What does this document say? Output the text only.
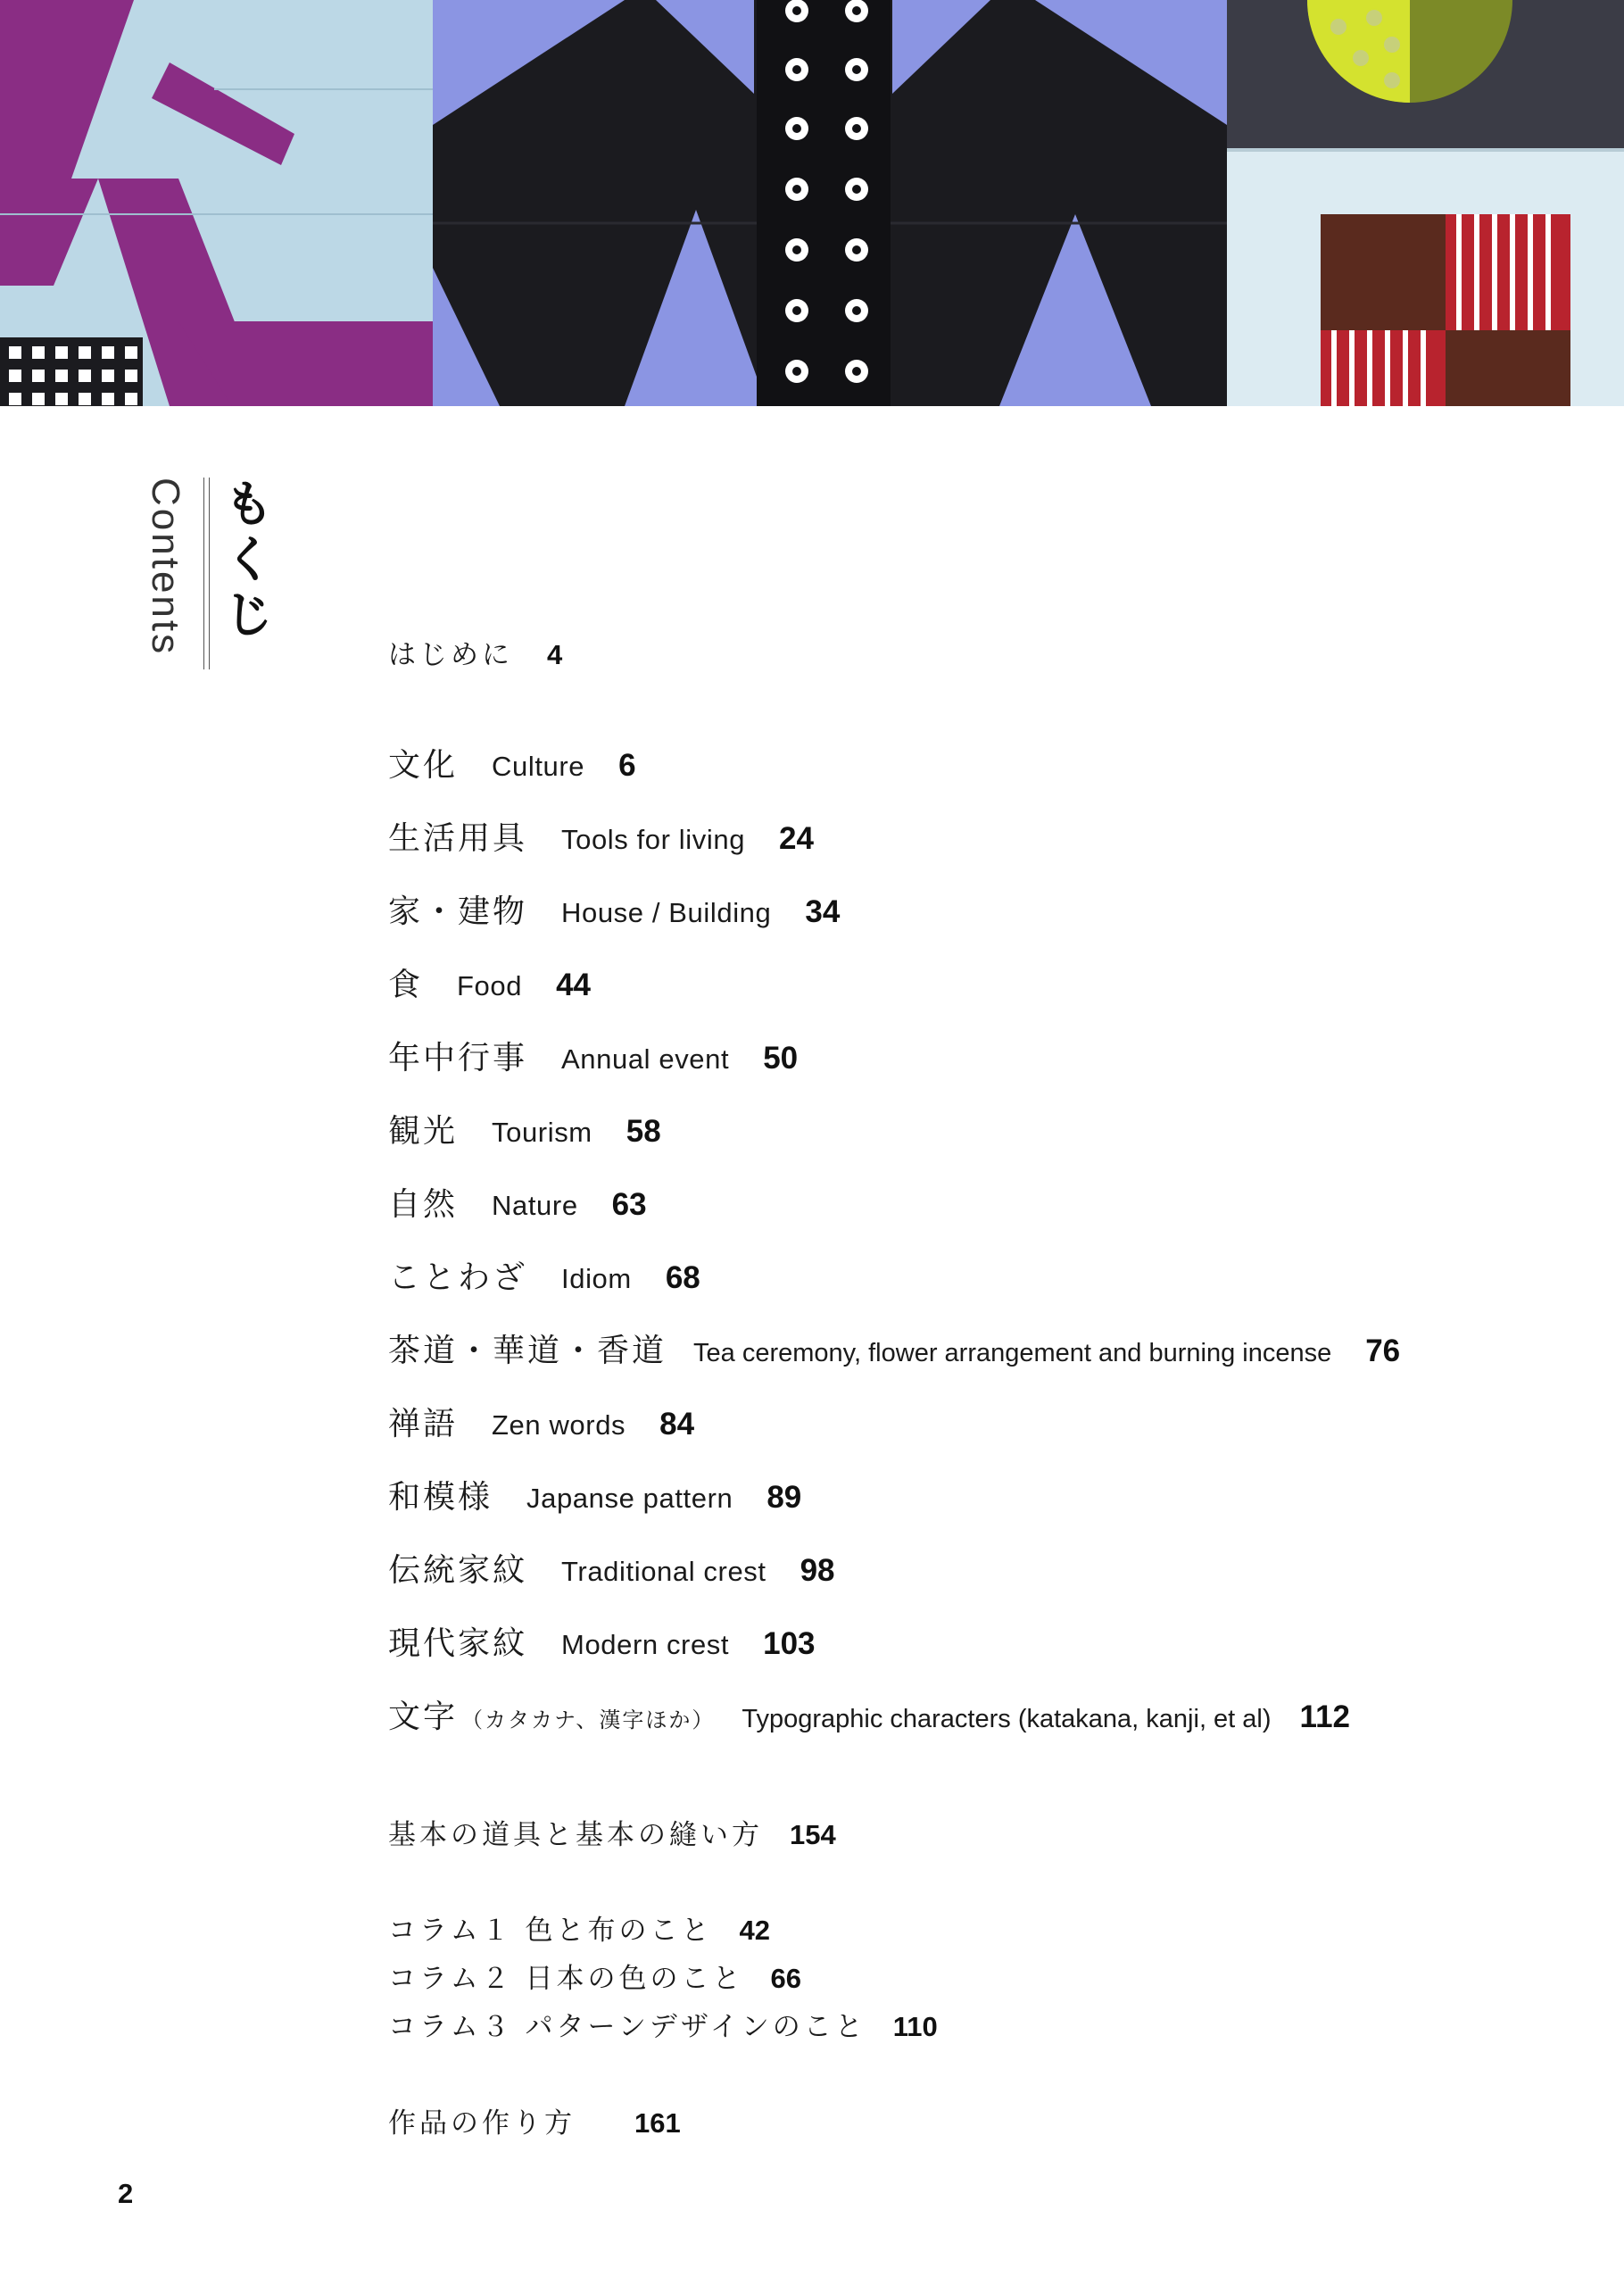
もくじ
Contents	はじめに 4
文化 Culture 6
生活用具 Tools for living 24
家・建物 House / Building 34
食 Food 44
年中行事 Annual event 50
観光 Tourism 58
自然 Nature 63
ことわざ Idiom 68
茶道・華道・香道 Tea ceremony, flower arrangement and burning incense 76
禅語 Zen words 84
和模様 Japanse pattern 89
伝統家紋 Traditional crest 98
現代家紋 Modern crest 103
文字 （カタカナ、漢字ほか） Typographic characters (katakana, kanji, et al) 112
基本の道具と基本の縫い方 154
コラム１ 色と布のこと 42
コラム２ 日本の色のこと 66
コラム３ パターンデザインのこと 110
作品の作り方 161
2
